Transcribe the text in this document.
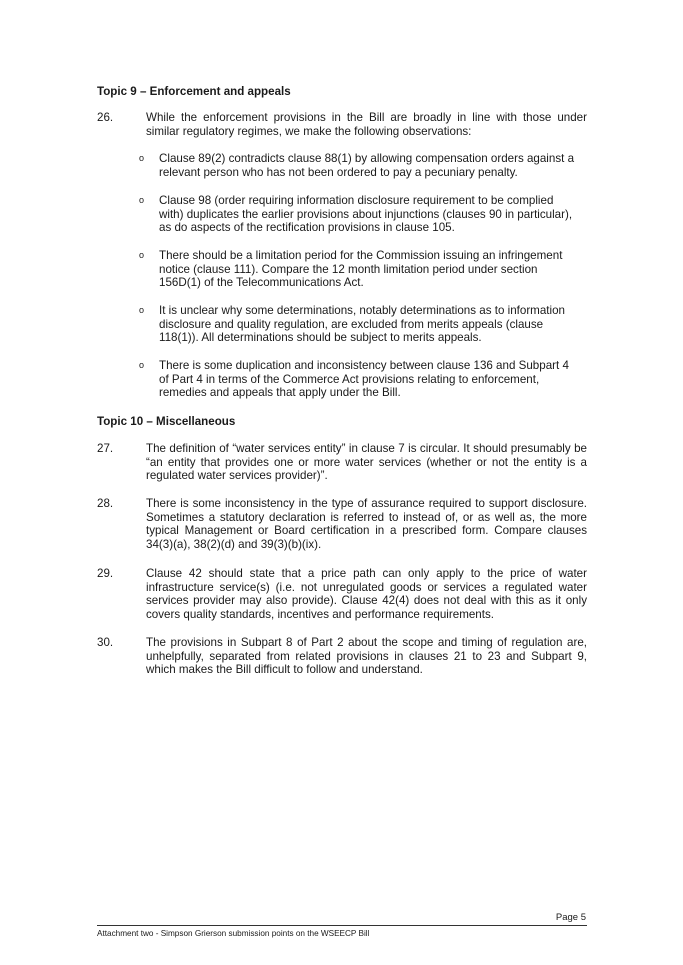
Topic 9 – Enforcement and appeals
26.	While the enforcement provisions in the Bill are broadly in line with those under similar regulatory regimes, we make the following observations:
o Clause 89(2) contradicts clause 88(1) by allowing compensation orders against a relevant person who has not been ordered to pay a pecuniary penalty.
o Clause 98 (order requiring information disclosure requirement to be complied with) duplicates the earlier provisions about injunctions (clauses 90 in particular), as do aspects of the rectification provisions in clause 105.
o There should be a limitation period for the Commission issuing an infringement notice (clause 111). Compare the 12 month limitation period under section 156D(1) of the Telecommunications Act.
o It is unclear why some determinations, notably determinations as to information disclosure and quality regulation, are excluded from merits appeals (clause 118(1)). All determinations should be subject to merits appeals.
o There is some duplication and inconsistency between clause 136 and Subpart 4 of Part 4 in terms of the Commerce Act provisions relating to enforcement, remedies and appeals that apply under the Bill.
Topic 10 – Miscellaneous
27.	The definition of “water services entity” in clause 7 is circular. It should presumably be “an entity that provides one or more water services (whether or not the entity is a regulated water services provider)”.
28.	There is some inconsistency in the type of assurance required to support disclosure. Sometimes a statutory declaration is referred to instead of, or as well as, the more typical Management or Board certification in a prescribed form. Compare clauses 34(3)(a), 38(2)(d) and 39(3)(b)(ix).
29.	Clause 42 should state that a price path can only apply to the price of water infrastructure service(s) (i.e. not unregulated goods or services a regulated water services provider may also provide). Clause 42(4) does not deal with this as it only covers quality standards, incentives and performance requirements.
30.	The provisions in Subpart 8 of Part 2 about the scope and timing of regulation are, unhelpfully, separated from related provisions in clauses 21 to 23 and Subpart 9, which makes the Bill difficult to follow and understand.
Page 5
Attachment two - Simpson Grierson submission points on the WSEECP Bill
